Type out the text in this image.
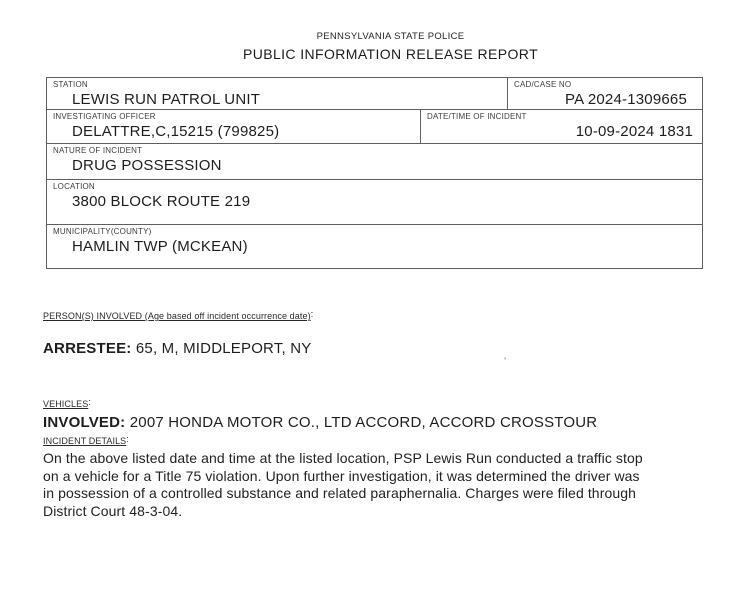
PENNSYLVANIA STATE POLICE
PUBLIC INFORMATION RELEASE REPORT
STATION
LEWIS RUN PATROL UNIT
CAD/CASE NO
PA 2024-1309665
INVESTIGATING OFFICER
DELATTRE,C,15215 (799825)
DATE/TIME OF INCIDENT
10-09-2024 1831
NATURE OF INCIDENT
DRUG POSSESSION
LOCATION
3800 BLOCK ROUTE 219
MUNICIPALITY(COUNTY)
HAMLIN TWP (MCKEAN)
PERSON(S) INVOLVED (Age based off incident occurrence date):
ARRESTEE: 65, M, MIDDLEPORT, NY
’
VEHICLES:
INVOLVED: 2007 HONDA MOTOR CO., LTD ACCORD, ACCORD CROSSTOUR
INCIDENT DETAILS:
On the above listed date and time at the listed location, PSP Lewis Run conducted a traffic stop
on a vehicle for a Title 75 violation. Upon further investigation, it was determined the driver was
in possession of a controlled substance and related paraphernalia. Charges were filed through
District Court 48-3-04.
